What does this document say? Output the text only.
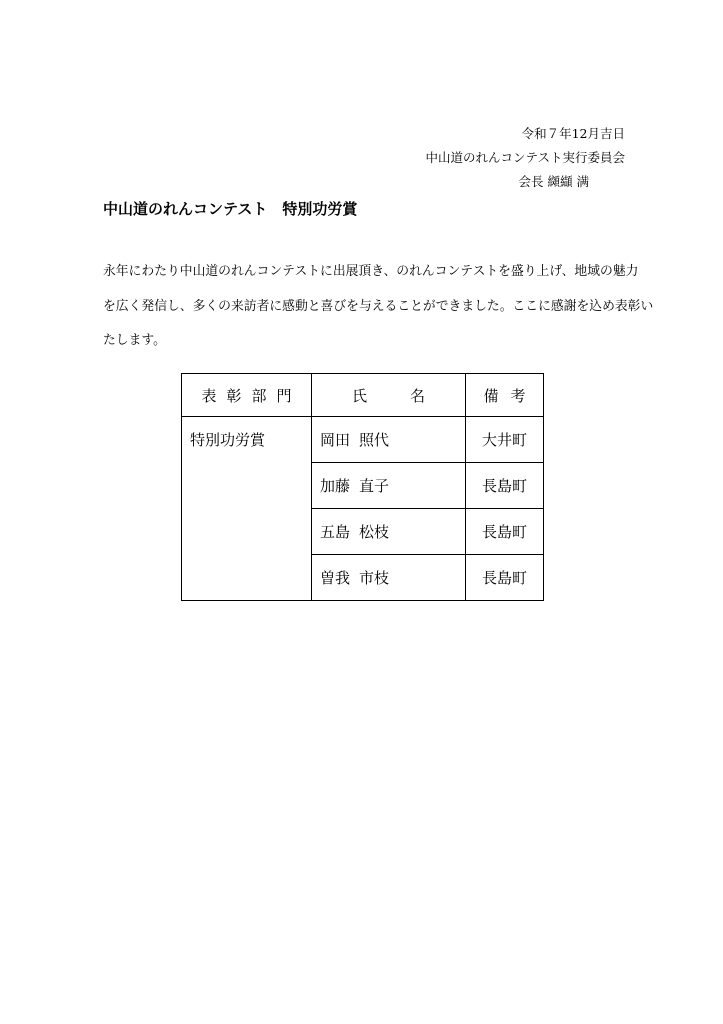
令和７年12月吉日
中山道のれんコンテスト実行委員会
会長 纐纈 满
中山道のれんコンテスト　特別功労賞

永年にわたり中山道のれんコンテストに出展頂き、のれんコンテストを盛り上げ、地域の魅力

を広く発信し、多くの来訪者に感動と喜びを与えることができました。ここに感謝を込め表彰い

たします。

表彰部門	氏 名	備考

特別功労賞	岡田 照代	大井町
	加藤 直子	長島町
	五島 松枝	長島町
	曽我 市枝	長島町
